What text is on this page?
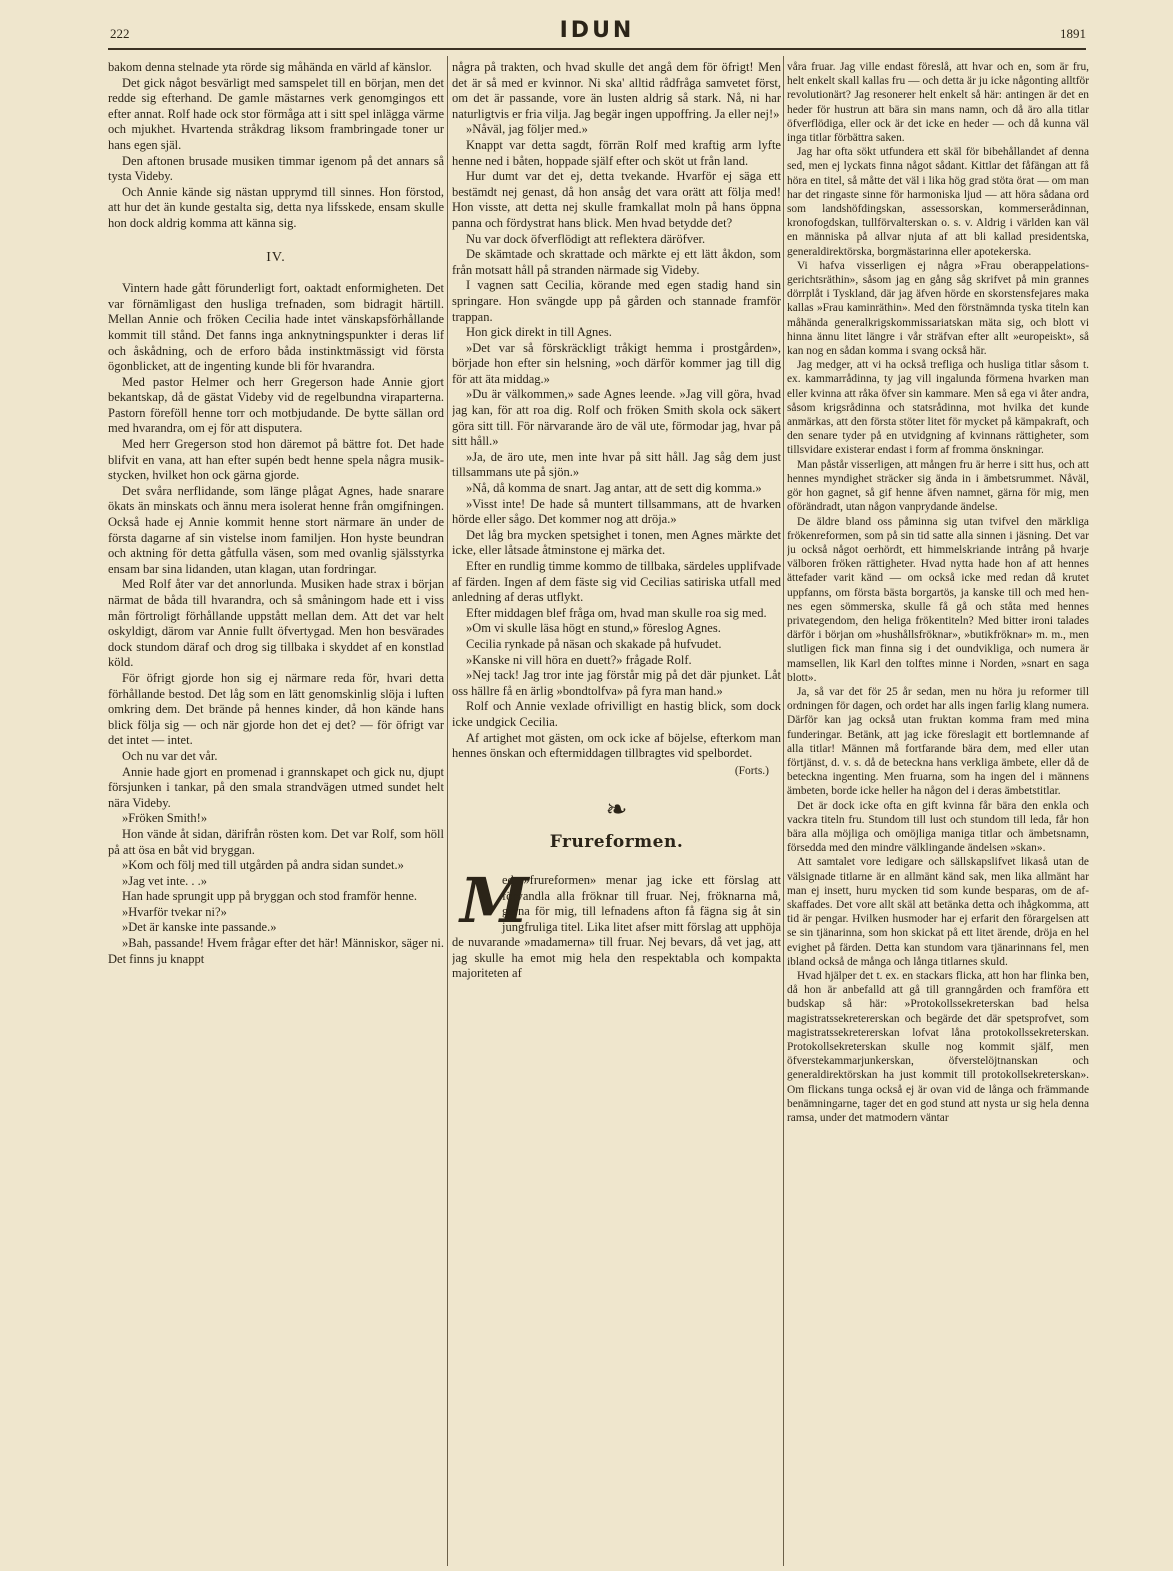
222	IDUN	1891

bakom denna stelnade yta rörde sig måhända en värld af känslor.

Det gick något besvärligt med samspelet till en början, men det redde sig efterhand. De gamle mästarnes verk genomgingos ett efter annat. Rolf hade ock stor förmåga att i sitt spel inlägga värme och mjukhet. Hvartenda stråkdrag liksom frambringade toner ur hans egen själ.

Den aftonen brusade musiken timmar igenom på det annars så tysta Videby.

Och Annie kände sig nästan upprymd till sinnes. Hon förstod, att hur det än kunde gestalta sig, detta nya lifsskede, ensam skulle hon dock aldrig komma att känna sig.

IV.

Vintern hade gått förunderligt fort, oaktadt enformigheten. Det var förnämligast den husliga trefnaden, som bidragit härtill. Mellan Annie och fröken Cecilia hade intet vänskapsförhållande kommit till stånd. Det fanns inga anknytningspunkter i deras lif och åskådning, och de erforo båda instinktmässigt vid första ögonblicket, att de ingenting kunde bli för hvarandra.

Med pastor Helmer och herr Gregerson hade Annie gjort bekantskap, då de gästat Videby vid de regelbundna viraparterna. Pastorn föreföll henne torr och motbjudande. De bytte sällan ord med hvarandra, om ej för att disputera.

Med herr Gregerson stod hon däremot på bättre fot. Det hade blifvit en vana, att han efter supén bedt henne spela några musikstycken, hvilket hon ock gärna gjorde.

Det svåra nerflidande, som länge plågat Agnes, hade snarare ökats än minskats och ännu mera isolerat henne från omgifningen. Också hade ej Annie kommit henne stort närmare än under de första dagarne af sin vistelse inom familjen. Hon hyste beundran och aktning för detta gåtfulla väsen, som med ovanlig själsstyrka ensam bar sina lidanden, utan klagan, utan fordringar.

Med Rolf åter var det annorlunda. Musiken hade strax i början närmat de båda till hvarandra, och så småningom hade ett i viss mån förtroligt förhållande uppstått mellan dem. Att det var helt oskyldigt, därom var Annie fullt öfvertygad. Men hon besvärades dock stundom däraf och drog sig tillbaka i skyddet af en konstlad köld.

För öfrigt gjorde hon sig ej närmare reda för, hvari detta förhållande bestod. Det låg som en lätt genomskinlig slöja i luften omkring dem. Det brände på hennes kinder, då hon kände hans blick följa sig — och när gjorde hon det ej det? — för öfrigt var det intet — intet.

Och nu var det vår.

Annie hade gjort en promenad i grannskapet och gick nu, djupt försjunken i tankar, på den smala strandvägen utmed sundet helt nära Videby.

»Fröken Smith!»

Hon vände åt sidan, därifrån rösten kom. Det var Rolf, som höll på att ösa en båt vid bryggan.

»Kom och följ med till utgården på andra sidan sundet.»

»Jag vet inte. . .»

Han hade sprungit upp på bryggan och stod framför henne.

»Hvarför tvekar ni?»

»Det är kanske inte passande.»

»Bah, passande! Hvem frågar efter det här! Människor, säger ni. Det finns ju knappt

några på trakten, och hvad skulle det angå dem för öfrigt! Men det är så med er kvinnor. Ni ska' alltid rådfråga samvetet först, om det är passande, vore än lusten aldrig så stark. Nå, ni har naturligtvis er fria vilja. Jag begär ingen uppoffring. Ja eller nej!»

»Nåväl, jag följer med.»

Knappt var detta sagdt, förrän Rolf med kraftig arm lyfte henne ned i båten, hoppade själf efter och sköt ut från land.

Hur dumt var det ej, detta tvekande. Hvarför ej säga ett bestämdt nej genast, då hon ansåg det vara orätt att följa med! Hon visste, att detta nej skulle framkallat moln på hans öppna panna och fördystrat hans blick. Men hvad betydde det?

Nu var dock öfverflödigt att reflektera däröfver.

De skämtade och skrattade och märkte ej ett lätt åkdon, som från motsatt håll på stranden närmade sig Videby.

I vagnen satt Cecilia, körande med egen stadig hand sin springare. Hon svängde upp på gården och stannade framför trappan.

Hon gick direkt in till Agnes.

»Det var så förskräckligt tråkigt hemma i prostgården», började hon efter sin helsning, »och därför kommer jag till dig för att äta middag.»

»Du är välkommen,» sade Agnes leende. »Jag vill göra, hvad jag kan, för att roa dig. Rolf och fröken Smith skola ock säkert göra sitt till. För närvarande äro de väl ute, förmodar jag, hvar på sitt håll.»

»Ja, de äro ute, men inte hvar på sitt håll. Jag såg dem just tillsammans ute på sjön.»

»Nå, då komma de snart. Jag antar, att de sett dig komma.»

»Visst inte! De hade så muntert tillsammans, att de hvarken hörde eller sågo. Det kommer nog att dröja.»

Det låg bra mycken spetsighet i tonen, men Agnes märkte det icke, eller låtsade åtminstone ej märka det.

Efter en rundlig timme kommo de tillbaka, särdeles upplifvade af färden. Ingen af dem fäste sig vid Cecilias satiriska utfall med anledning af deras utflykt.

Efter middagen blef fråga om, hvad man skulle roa sig med.

»Om vi skulle läsa högt en stund,» föreslog Agnes.

Cecilia rynkade på näsan och skakade på hufvudet.

»Kanske ni vill höra en duett?» frågade Rolf.

»Nej tack! Jag tror inte jag förstår mig på det där pjunket. Låt oss hällre få en ärlig »bondtolfva» på fyra man hand.»

Rolf och Annie vexlade ofrivilligt en hastig blick, som dock icke undgick Cecilia.

Af artighet mot gästen, om ock icke af böjelse, efterkom man hennes önskan och eftermiddagen tillbragtes vid spelbordet.

(Forts.)
❧
Frureformen.
M

ed »frureformen» menar jag icke ett förslag att förvandla alla fröknar till fruar. Nej, fröknarna må, gärna för mig, till lefnadens afton få fägna sig åt sin jungfruliga titel. Lika litet afser mitt förslag att upphöja de nuvarande »madamerna» till fruar. Nej bevars, då vet jag, att jag skulle ha emot mig hela den respektabla och kompakta majoriteten af

våra fruar. Jag ville endast föreslå, att hvar och en, som är fru, helt enkelt skall kallas fru — och detta är ju icke någonting alltför revolutionärt? Jag resonerer helt enkelt så här: antingen är det en heder för hustrun att bära sin mans namn, och då äro alla titlar öfverflödiga, eller ock är det icke en heder — och då kunna väl inga titlar förbättra saken.

Jag har ofta sökt utfundera ett skäl för bibehållandet af denna sed, men ej lyckats finna något sådant. Kittlar det fåfängan att få höra en titel, så måtte det väl i lika hög grad stöta örat — om man har det ringaste sinne för harmoniska ljud — att höra sådana ord som landshöfdingskan, assessorskan, kommerserådinnan, kronofogdskan, tullförvalterskan o. s. v. Aldrig i världen kan väl en människa på allvar njuta af att bli kallad presidentska, generaldirektörska, borgmästarinna eller apotekerska.

Vi hafva visserligen ej några »Frau oberappelationsgerichtsräthin», såsom jag en gång såg skrifvet på min grannes dörrplåt i Tyskland, där jag äfven hörde en skorstensfejares maka kallas »Frau kaminräthin». Med den förstnämnda tyska titeln kan måhända generalkrigskommissariatskan mäta sig, och blott vi hinna ännu litet längre i vår sträfvan efter allt »europeiskt», så kan nog en sådan komma i svang också här.

Jag medger, att vi ha också trefliga och husliga titlar såsom t. ex. kammarrådinna, ty jag vill ingalunda förmena hvarken man eller kvinna att råka öfver sin kammare. Men så ega vi åter andra, såsom krigsrådinna och statsrådinna, mot hvilka det kunde anmärkas, att den första stöter litet för mycket på kämpakraft, och den senare tyder på en utvidgning af kvinnans rättigheter, som tillsvidare existerar endast i form af fromma önskningar.

Man påstår visserligen, att mången fru är herre i sitt hus, och att hennes myndighet sträcker sig ända in i ämbetsrummet. Nåväl, gör hon gagnet, så gif henne äfven namnet, gärna för mig, men oförändradt, utan någon vanprydande ändelse.

De äldre bland oss påminna sig utan tvifvel den märkliga frökenreformen, som på sin tid satte alla sinnen i jäsning. Det var ju också något oerhördt, ett himmelskriande intrång på hvarje välboren fröken rättigheter. Hvad nytta hade hon af att hennes ättefader varit känd — om också icke med redan då krutet uppfanns, om första bästa borgartös, ja kanske till och med hennes egen sömmerska, skulle få gå och ståta med hennes privategendom, den heliga frökentiteln? Med bitter ironi talades därför i början om »hushållsfröknar», »butikfröknar» m. m., men slutligen fick man finna sig i det oundvikliga, och numera är mamsellen, lik Karl den tolftes minne i Norden, »snart en saga blott».

Ja, så var det för 25 år sedan, men nu höra ju reformer till ordningen för dagen, och ordet har alls ingen farlig klang numera. Därför kan jag också utan fruktan komma fram med mina funderingar. Betänk, att jag icke föreslagit ett bortlemnande af alla titlar! Männen må fortfarande bära dem, med eller utan förtjänst, d. v. s. då de beteckna hans verkliga ämbete, eller då de beteckna ingenting. Men fruarna, som ha ingen del i männens ämbeten, borde icke heller ha någon del i deras ämbetstitlar.

Det är dock icke ofta en gift kvinna får bära den enkla och vackra titeln fru. Stundom till lust och stundom till leda, får hon bära alla möjliga och omöjliga maniga titlar och ämbetsnamn, försedda med den mindre välklingande ändelsen »skan».

Att samtalet vore ledigare och sällskapslifvet likaså utan de välsignade titlarne är en allmänt känd sak, men lika allmänt har man ej insett, huru mycken tid som kunde besparas, om de afskaffades. Det vore allt skäl att betänka detta och ihågkomma, att tid är pengar. Hvilken husmoder har ej erfarit den förargelsen att se sin tjänarinna, som hon skickat på ett litet ärende, dröja en hel evighet på färden. Detta kan stundom vara tjänarinnans fel, men ibland också de många och långa titlarnes skuld.

Hvad hjälper det t. ex. en stackars flicka, att hon har flinka ben, då hon är anbefalld att gå till granngården och framföra ett budskap så här: »Protokollssekreterskan bad helsa magistratssekretererskan och begärde det där spetsprofvet, som magistratssekretererskan lofvat låna protokollssekreterskan. Protokollsekreterskan skulle nog kommit själf, men öfverstekammarjunkerskan, öfverstelöjtnanskan och generaldirektörskan ha just kommit till protokollsekreterskan». Om flickans tunga också ej är ovan vid de långa och främmande benämningarne, tager det en god stund att nysta ur sig hela denna ramsa, under det matmodern väntar
